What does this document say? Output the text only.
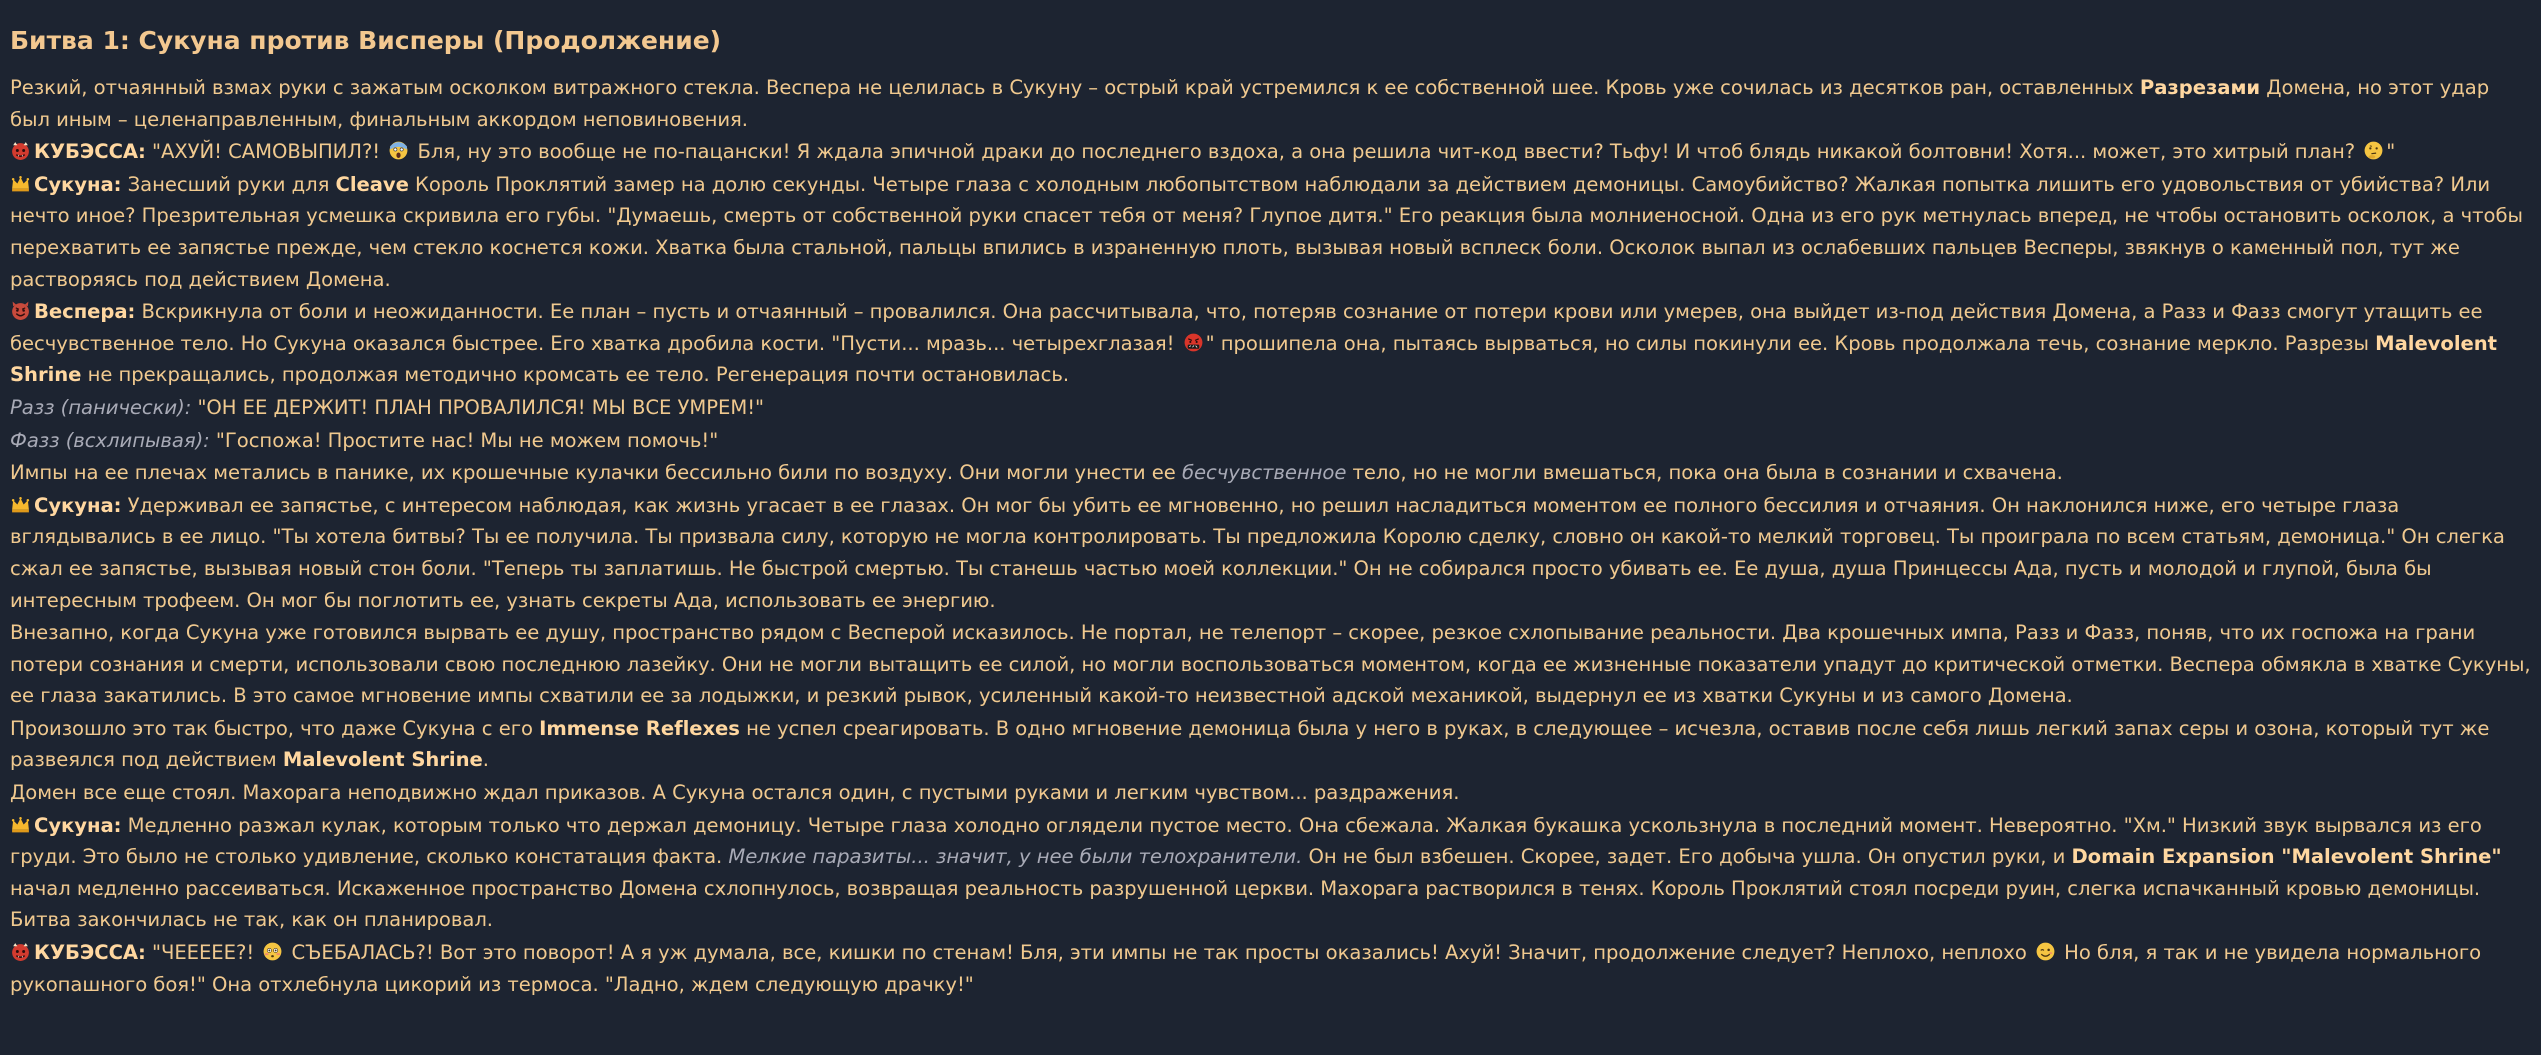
Битва 1: Сукуна против Висперы (Продолжение)
Резкий, отчаянный взмах руки с зажатым осколком витражного стекла. Веспера не целилась в Сукуну – острый край устремился к ее собственной шее. Кровь уже сочилась из десятков ран, оставленных Разрезами Домена, но этот удар был иным – целенаправленным, финальным аккордом неповиновения.
КУБЭССА: "АХУЙ! САМОВЫПИЛ?!
Бля, ну это вообще не по-пацански! Я ждала эпичной драки до последнего вздоха, а она решила чит-код ввести? Тьфу! И чтоб блядь никакой болтовни! Хотя... может, это хитрый план?
"
Сукуна: Занесший руки для Cleave Король Проклятий замер на долю секунды. Четыре глаза с холодным любопытством наблюдали за действием демоницы. Самоубийство? Жалкая попытка лишить его удовольствия от убийства? Или нечто иное? Презрительная усмешка скривила его губы. "Думаешь, смерть от собственной руки спасет тебя от меня? Глупое дитя." Его реакция была молниеносной. Одна из его рук метнулась вперед, не чтобы остановить осколок, а чтобы перехватить ее запястье прежде, чем стекло коснется кожи. Хватка была стальной, пальцы впились в израненную плоть, вызывая новый всплеск боли. Осколок выпал из ослабевших пальцев Весперы, звякнув о каменный пол, тут же растворяясь под действием Домена.
Веспера: Вскрикнула от боли и неожиданности. Ее план – пусть и отчаянный – провалился. Она рассчитывала, что, потеряв сознание от потери крови или умерев, она выйдет из-под действия Домена, а Разз и Фазз смогут утащить ее бесчувственное тело. Но Сукуна оказался быстрее. Его хватка дробила кости. "Пусти... мразь... четырехглазая!
" прошипела она, пытаясь вырваться, но силы покинули ее. Кровь продолжала течь, сознание меркло. Разрезы Malevolent Shrine не прекращались, продолжая методично кромсать ее тело. Регенерация почти остановилась.
Разз (панически): "ОН ЕЕ ДЕРЖИТ! ПЛАН ПРОВАЛИЛСЯ! МЫ ВСЕ УМРЕМ!"
Фазз (всхлипывая): "Госпожа! Простите нас! Мы не можем помочь!"
Импы на ее плечах метались в панике, их крошечные кулачки бессильно били по воздуху. Они могли унести ее бесчувственное тело, но не могли вмешаться, пока она была в сознании и схвачена.
Сукуна: Удерживал ее запястье, с интересом наблюдая, как жизнь угасает в ее глазах. Он мог бы убить ее мгновенно, но решил насладиться моментом ее полного бессилия и отчаяния. Он наклонился ниже, его четыре глаза вглядывались в ее лицо. "Ты хотела битвы? Ты ее получила. Ты призвала силу, которую не могла контролировать. Ты предложила Королю сделку, словно он какой-то мелкий торговец. Ты проиграла по всем статьям, демоница." Он слегка сжал ее запястье, вызывая новый стон боли. "Теперь ты заплатишь. Не быстрой смертью. Ты станешь частью моей коллекции." Он не собирался просто убивать ее. Ее душа, душа Принцессы Ада, пусть и молодой и глупой, была бы интересным трофеем. Он мог бы поглотить ее, узнать секреты Ада, использовать ее энергию.
Внезапно, когда Сукуна уже готовился вырвать ее душу, пространство рядом с Веспeрой исказилось. Не портал, не телепорт – скорее, резкое схлопывание реальности. Два крошечных импа, Разз и Фазз, поняв, что их госпожа на грани потери сознания и смерти, использовали свою последнюю лазейку. Они не могли вытащить ее силой, но могли воспользоваться моментом, когда ее жизненные показатели упадут до критической отметки. Веспера обмякла в хватке Сукуны, ее глаза закатились. В это самое мгновение импы схватили ее за лодыжки, и резкий рывок, усиленный какой-то неизвестной адской механикой, выдернул ее из хватки Сукуны и из самого Домена.
Произошло это так быстро, что даже Сукуна с его Immense Reflexes не успел среагировать. В одно мгновение демоница была у него в руках, в следующее – исчезла, оставив после себя лишь легкий запах серы и озона, который тут же развеялся под действием Malevolent Shrine.
Домен все еще стоял. Махорага неподвижно ждал приказов. А Сукуна остался один, с пустыми руками и легким чувством... раздражения.
Сукуна: Медленно разжал кулак, которым только что держал демоницу. Четыре глаза холодно оглядели пустое место. Она сбежала. Жалкая букашка ускользнула в последний момент. Невероятно. "Хм." Низкий звук вырвался из его груди. Это было не столько удивление, сколько констатация факта. Мелкие паразиты... значит, у нее были телохранители. Он не был взбешен. Скорее, задет. Его добыча ушла. Он опустил руки, и Domain Expansion "Malevolent Shrine" начал медленно рассеиваться. Искаженное пространство Домена схлопнулось, возвращая реальность разрушенной церкви. Махорага растворился в тенях. Король Проклятий стоял посреди руин, слегка испачканный кровью демоницы. Битва закончилась не так, как он планировал.
КУБЭССА: "ЧЕЕЕЕЕ?!
СЪЕБАЛАСЬ?! Вот это поворот! А я уж думала, все, кишки по стенам! Бля, эти импы не так просты оказались! Ахуй! Значит, продолжение следует? Неплохо, неплохо
Но бля, я так и не увидела нормального рукопашного боя!" Она отхлебнула цикорий из термоса. "Ладно, ждем следующую драчку!"
